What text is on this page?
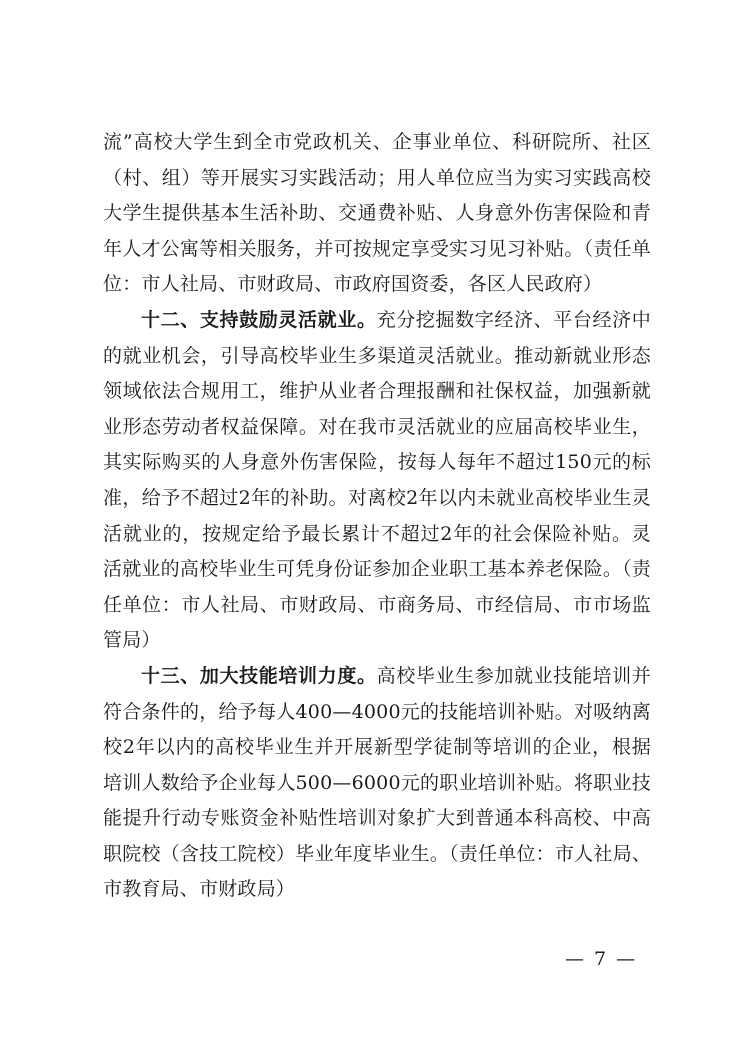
流”高校大学生到全市党政机关、企事业单位、科研院所、社区（村、组）等开展实习实践活动；用人单位应当为实习实践高校大学生提供基本生活补助、交通费补贴、人身意外伤害保险和青年人才公寓等相关服务，并可按规定享受实习见习补贴。（责任单位：市人社局、市财政局、市政府国资委，各区人民政府）

十二、支持鼓励灵活就业。充分挖掘数字经济、平台经济中的就业机会，引导高校毕业生多渠道灵活就业。推动新就业形态领域依法合规用工，维护从业者合理报酬和社保权益，加强新就业形态劳动者权益保障。对在我市灵活就业的应届高校毕业生，其实际购买的人身意外伤害保险，按每人每年不超过150元的标准，给予不超过2年的补助。对离校2年以内未就业高校毕业生灵活就业的，按规定给予最长累计不超过2年的社会保险补贴。灵活就业的高校毕业生可凭身份证参加企业职工基本养老保险。（责任单位：市人社局、市财政局、市商务局、市经信局、市市场监管局）

十三、加大技能培训力度。高校毕业生参加就业技能培训并符合条件的，给予每人400—4000元的技能培训补贴。对吸纳离校2年以内的高校毕业生并开展新型学徒制等培训的企业，根据培训人数给予企业每人500—6000元的职业培训补贴。将职业技能提升行动专账资金补贴性培训对象扩大到普通本科高校、中高职院校（含技工院校）毕业年度毕业生。（责任单位：市人社局、市教育局、市财政局）

— 7 —
